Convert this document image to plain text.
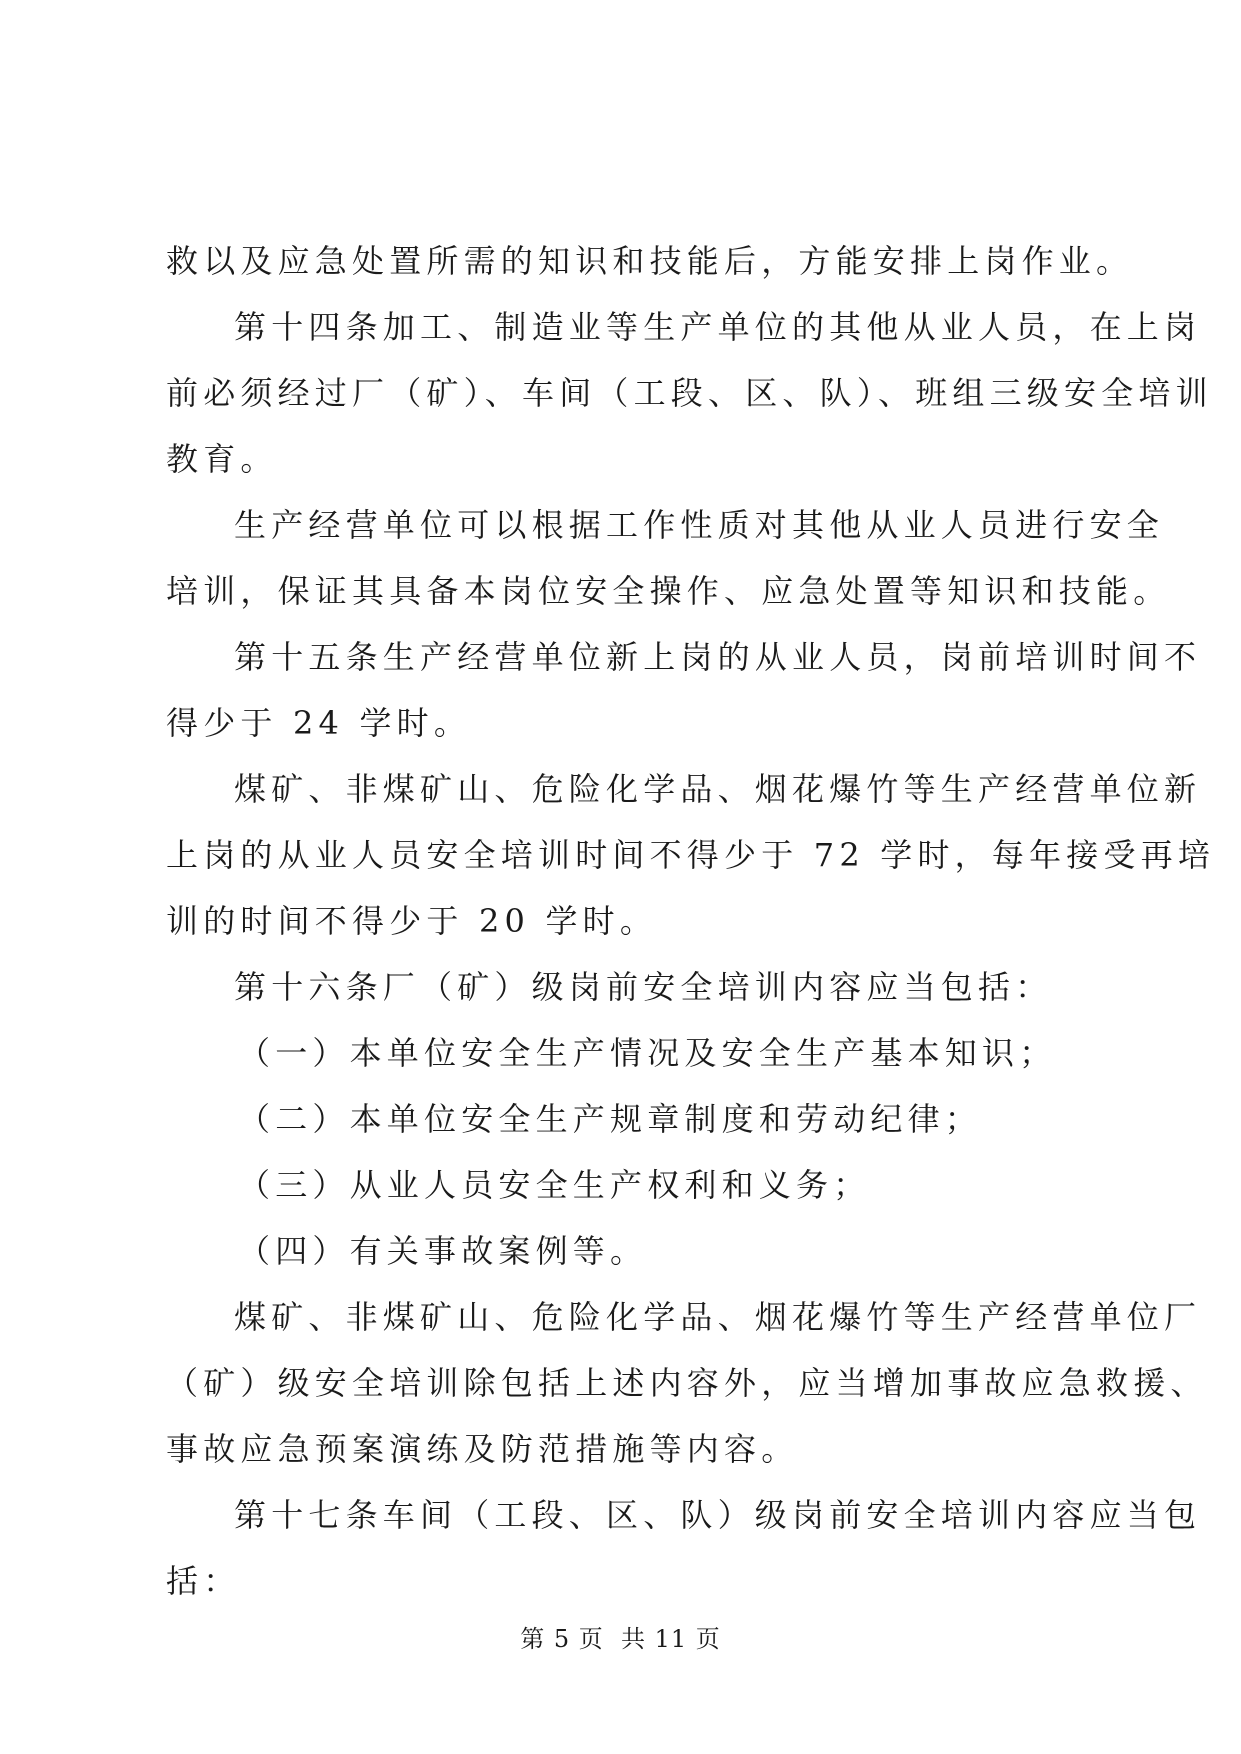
救以及应急处置所需的知识和技能后，方能安排上岗作业。
第十四条加工、制造业等生产单位的其他从业人员，在上岗
前必须经过厂（矿）、车间（工段、区、队）、班组三级安全培训
教育。
生产经营单位可以根据工作性质对其他从业人员进行安全
培训，保证其具备本岗位安全操作、应急处置等知识和技能。
第十五条生产经营单位新上岗的从业人员，岗前培训时间不
得少于 24 学时。
煤矿、非煤矿山、危险化学品、烟花爆竹等生产经营单位新
上岗的从业人员安全培训时间不得少于 72 学时，每年接受再培
训的时间不得少于 20 学时。
第十六条厂（矿）级岗前安全培训内容应当包括：
（一）本单位安全生产情况及安全生产基本知识；
（二）本单位安全生产规章制度和劳动纪律；
（三）从业人员安全生产权利和义务；
（四）有关事故案例等。
煤矿、非煤矿山、危险化学品、烟花爆竹等生产经营单位厂
（矿）级安全培训除包括上述内容外，应当增加事故应急救援、
事故应急预案演练及防范措施等内容。
第十七条车间（工段、区、队）级岗前安全培训内容应当包
括：
第 5 页  共 11 页
